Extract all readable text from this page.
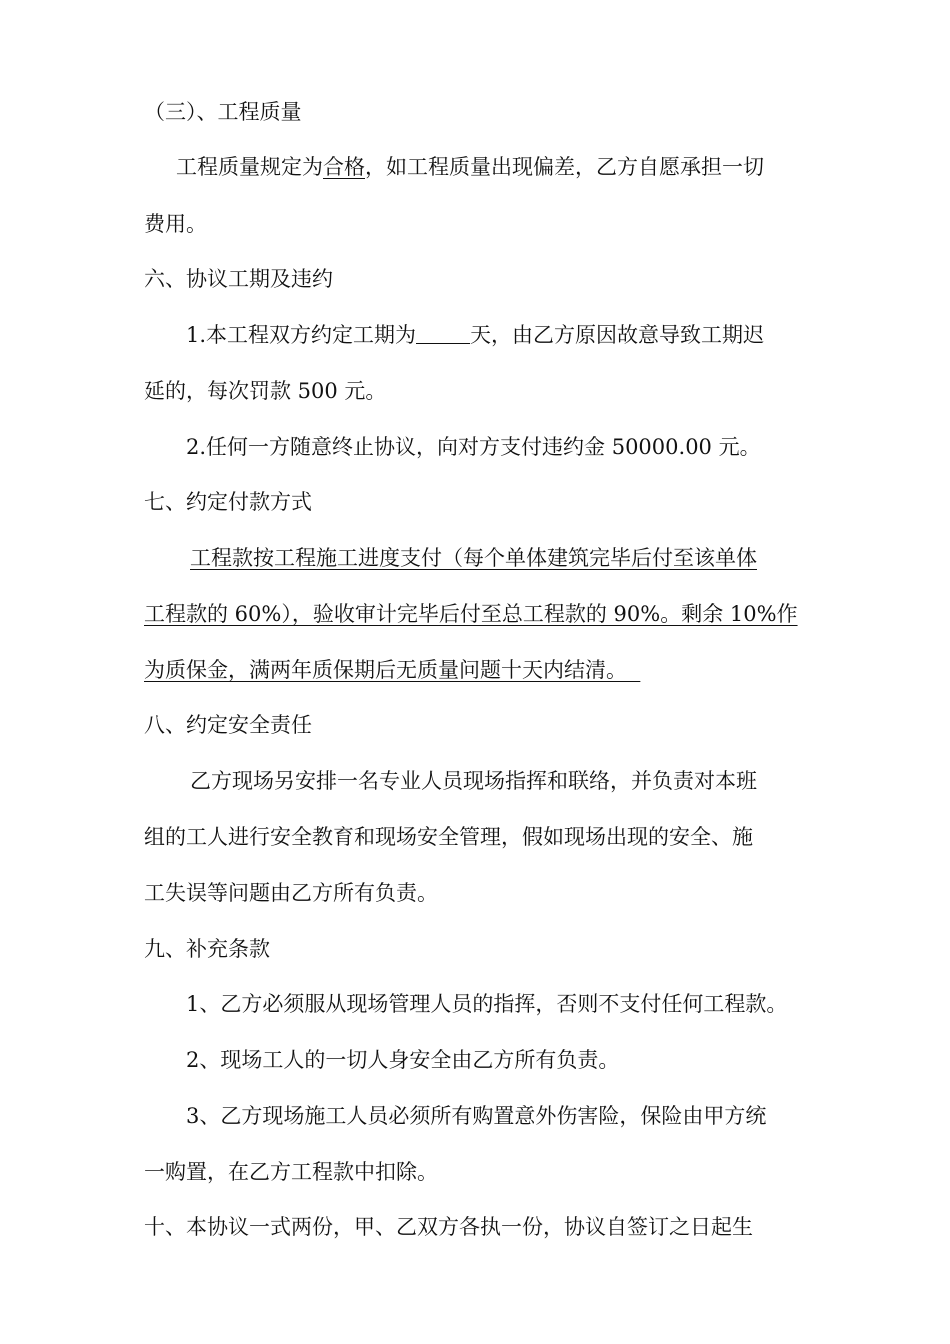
（三）、工程质量
工程质量规定为合格，如工程质量出现偏差，乙方自愿承担一切
费用。
六、协议工期及违约
1.本工程双方约定工期为	天，由乙方原因故意导致工期迟
延的，每次罚款 500 元。
2.任何一方随意终止协议，向对方支付违约金 50000.00 元。
七、约定付款方式
工程款按工程施工进度支付（每个单体建筑完毕后付至该单体
工程款的 60%），验收审计完毕后付至总工程款的 90%。剩余 10%作
为质保金，满两年质保期后无质量问题十天内结清。
八、约定安全责任
乙方现场另安排一名专业人员现场指挥和联络，并负责对本班
组的工人进行安全教育和现场安全管理，假如现场出现的安全、施
工失误等问题由乙方所有负责。
九、补充条款
1、乙方必须服从现场管理人员的指挥，否则不支付任何工程款。
2、现场工人的一切人身安全由乙方所有负责。
3、乙方现场施工人员必须所有购置意外伤害险，保险由甲方统
一购置，在乙方工程款中扣除。
十、本协议一式两份，甲、乙双方各执一份，协议自签订之日起生
